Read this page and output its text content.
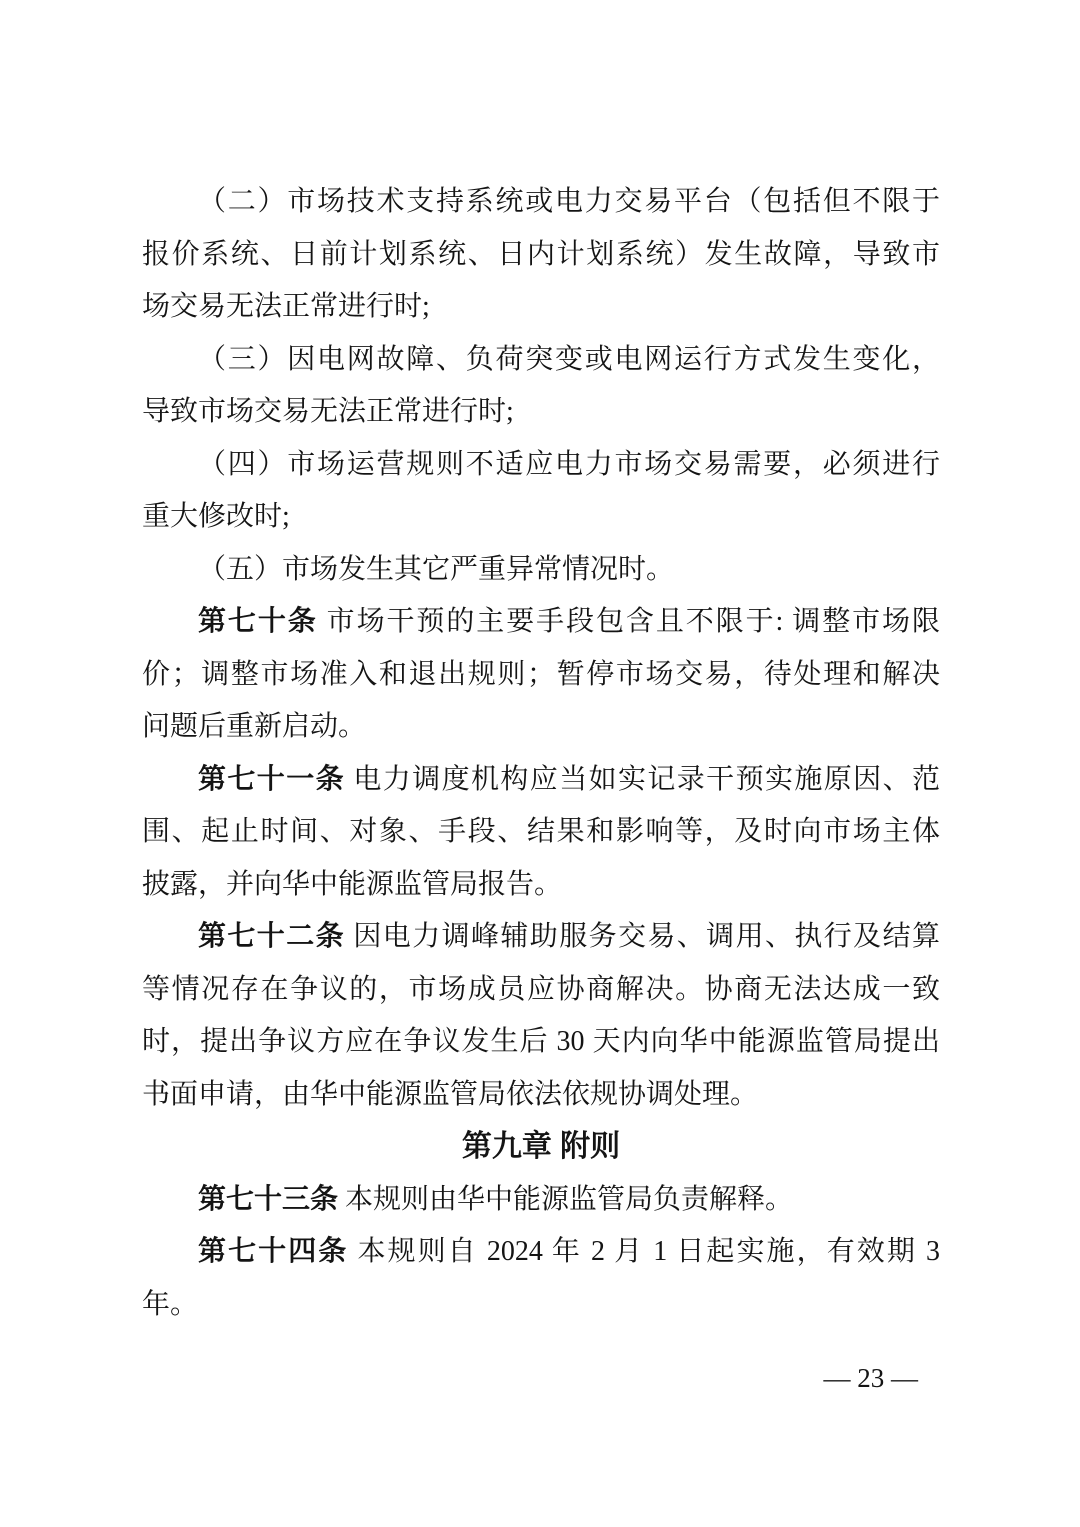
（二）市场技术支持系统或电力交易平台（包括但不限于
报价系统、日前计划系统、日内计划系统）发生故障，导致市
场交易无法正常进行时;
（三）因电网故障、负荷突变或电网运行方式发生变化，
导致市场交易无法正常进行时;
（四）市场运营规则不适应电力市场交易需要，必须进行
重大修改时;
（五）市场发生其它严重异常情况时。
第七十条 市场干预的主要手段包含且不限于: 调整市场限
价；调整市场准入和退出规则；暂停市场交易，待处理和解决
问题后重新启动。
第七十一条 电力调度机构应当如实记录干预实施原因、范
围、起止时间、对象、手段、结果和影响等，及时向市场主体
披露，并向华中能源监管局报告。
第七十二条 因电力调峰辅助服务交易、调用、执行及结算
等情况存在争议的，市场成员应协商解决。协商无法达成一致
时，提出争议方应在争议发生后 30 天内向华中能源监管局提出
书面申请，由华中能源监管局依法依规协调处理。
第九章 附则
第七十三条 本规则由华中能源监管局负责解释。
第七十四条 本规则自 2024 年 2 月 1 日起实施，有效期 3
年。
— 23 —
